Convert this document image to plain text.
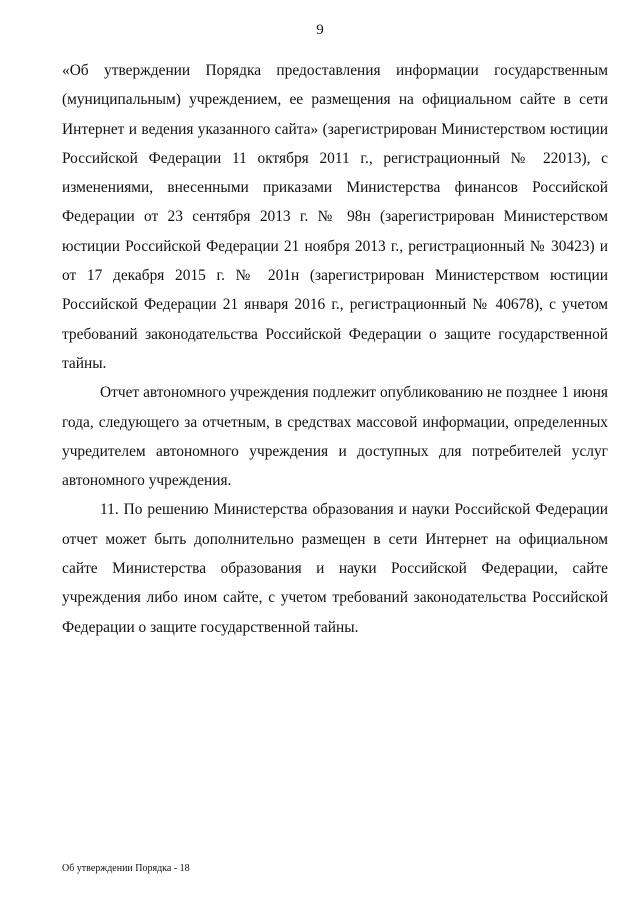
9

«Об утверждении Порядка предоставления информации государственным (муниципальным) учреждением, ее размещения на официальном сайте в сети Интернет и ведения указанного сайта» (зарегистрирован Министерством юстиции Российской Федерации 11 октября 2011 г., регистрационный № 22013), с изменениями, внесенными приказами Министерства финансов Российской Федерации от 23 сентября 2013 г. № 98н (зарегистрирован Министерством юстиции Российской Федерации 21 ноября 2013 г., регистрационный № 30423) и от 17 декабря 2015 г. № 201н (зарегистрирован Министерством юстиции Российской Федерации 21 января 2016 г., регистрационный № 40678), с учетом требований законодательства Российской Федерации о защите государственной тайны.

Отчет автономного учреждения подлежит опубликованию не позднее 1 июня года, следующего за отчетным, в средствах массовой информации, определенных учредителем автономного учреждения и доступных для потребителей услуг автономного учреждения.

11. По решению Министерства образования и науки Российской Федерации отчет может быть дополнительно размещен в сети Интернет на официальном сайте Министерства образования и науки Российской Федерации, сайте учреждения либо ином сайте, с учетом требований законодательства Российской Федерации о защите государственной тайны.

Об утверждении Порядка - 18
